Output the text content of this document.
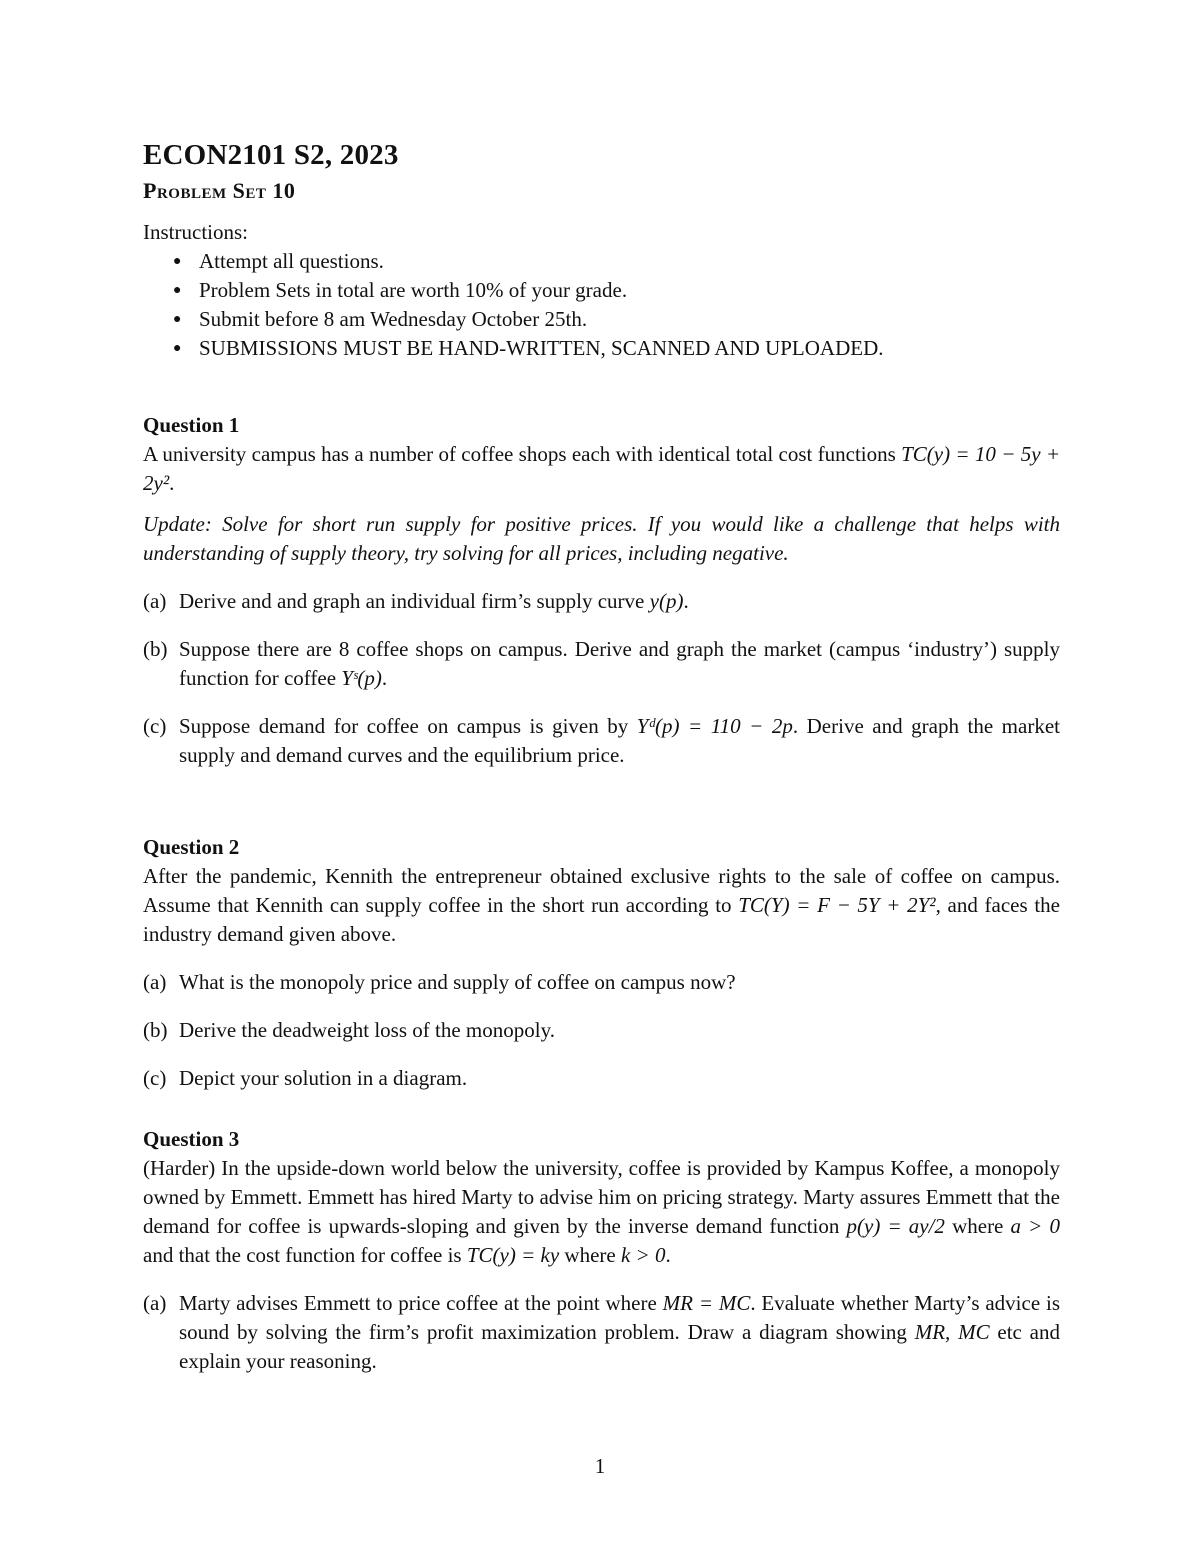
ECON2101 S2, 2023
Problem Set 10
Instructions:
● Attempt all questions.
● Problem Sets in total are worth 10% of your grade.
● Submit before 8 am Wednesday October 25th.
● SUBMISSIONS MUST BE HAND-WRITTEN, SCANNED AND UPLOADED.
Question 1

A university campus has a number of coffee shops each with identical total cost functions TC(y) = 10 − 5y + 2y².

Update: Solve for short run supply for positive prices. If you would like a challenge that helps with understanding of supply theory, try solving for all prices, including negative.

(a) Derive and and graph an individual firm’s supply curve y(p).
(b) Suppose there are 8 coffee shops on campus. Derive and graph the market (campus ‘industry’) supply function for coffee Yˢ(p).
(c) Suppose demand for coffee on campus is given by Yᵈ(p) = 110 − 2p. Derive and graph the market supply and demand curves and the equilibrium price.
Question 2

After the pandemic, Kennith the entrepreneur obtained exclusive rights to the sale of coffee on campus. Assume that Kennith can supply coffee in the short run according to TC(Y) = F − 5Y + 2Y², and faces the industry demand given above.

(a) What is the monopoly price and supply of coffee on campus now?
(b) Derive the deadweight loss of the monopoly.
(c) Depict your solution in a diagram.
Question 3

(Harder) In the upside-down world below the university, coffee is provided by Kampus Koffee, a monopoly owned by Emmett. Emmett has hired Marty to advise him on pricing strategy. Marty assures Emmett that the demand for coffee is upwards-sloping and given by the inverse demand function p(y) = ay/2 where a > 0 and that the cost function for coffee is TC(y) = ky where k > 0.

(a) Marty advises Emmett to price coffee at the point where MR = MC. Evaluate whether Marty’s advice is sound by solving the firm’s profit maximization problem. Draw a diagram showing MR, MC etc and explain your reasoning.
1
